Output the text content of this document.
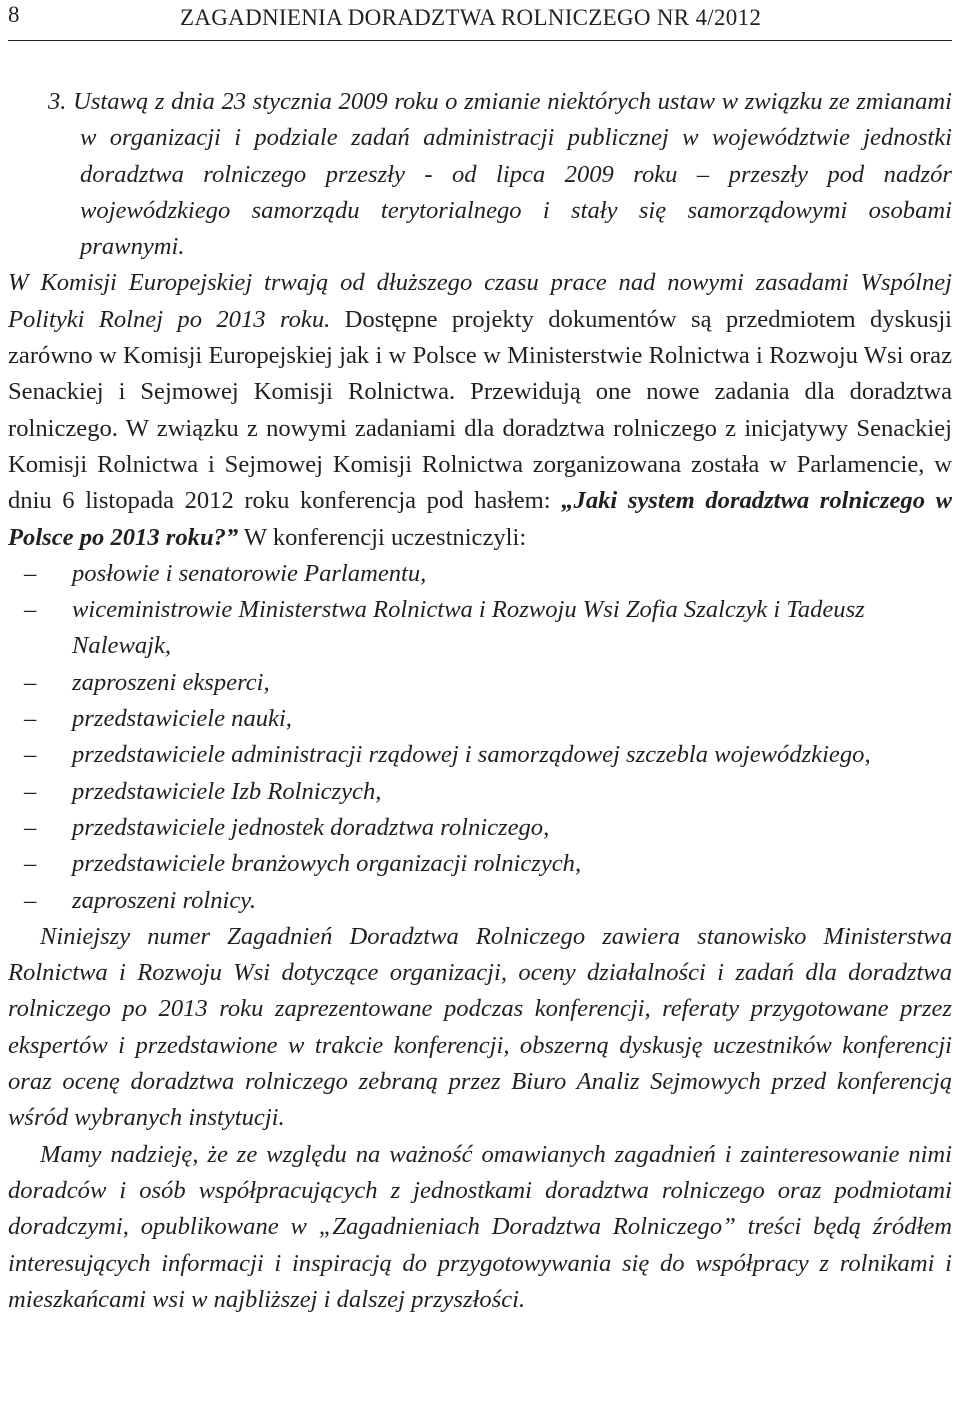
8	ZAGADNIENIA DORADZTWA ROLNICZEGO NR 4/2012

3. Ustawą z dnia 23 stycznia 2009 roku o zmianie niektórych ustaw w związku ze zmianami w organizacji i podziale zadań administracji publicznej w województwie jednostki doradztwa rolniczego przeszły - od lipca 2009 roku – przeszły pod nadzór wojewódzkiego samorządu terytorialnego i stały się samorządowymi osobami prawnymi.

W Komisji Europejskiej trwają od dłuższego czasu prace nad nowymi zasadami Wspólnej Polityki Rolnej po 2013 roku. Dostępne projekty dokumentów są przedmiotem dyskusji zarówno w Komisji Europejskiej jak i w Polsce w Ministerstwie Rolnictwa i Rozwoju Wsi oraz Senackiej i Sejmowej Komisji Rolnictwa. Przewidują one nowe zadania dla doradztwa rolniczego. W związku z nowymi zadaniami dla doradztwa rolniczego z inicjatywy Senackiej Komisji Rolnictwa i Sejmowej Komisji Rolnictwa zorganizowana została w Parlamencie, w dniu 6 listopada 2012 roku konferencja pod hasłem: „Jaki system doradztwa rolniczego w Polsce po 2013 roku?” W konferencji uczestniczyli:

– posłowie i senatorowie Parlamentu,
– wiceministrowie Ministerstwa Rolnictwa i Rozwoju Wsi Zofia Szalczyk i Tadeusz Nalewajk,
– zaproszeni eksperci,
– przedstawiciele nauki,
– przedstawiciele administracji rządowej i samorządowej szczebla wojewódzkiego,
– przedstawiciele Izb Rolniczych,
– przedstawiciele jednostek doradztwa rolniczego,
– przedstawiciele branżowych organizacji rolniczych,
– zaproszeni rolnicy.

Niniejszy numer Zagadnień Doradztwa Rolniczego zawiera stanowisko Ministerstwa Rolnictwa i Rozwoju Wsi dotyczące organizacji, oceny działalności i zadań dla doradztwa rolniczego po 2013 roku zaprezentowane podczas konferencji, referaty przygotowane przez ekspertów i przedstawione w trakcie konferencji, obszerną dyskusję uczestników konferencji oraz ocenę doradztwa rolniczego zebraną przez Biuro Analiz Sejmowych przed konferencją wśród wybranych instytucji.

Mamy nadzieję, że ze względu na ważność omawianych zagadnień i zainteresowanie nimi doradców i osób współpracujących z jednostkami doradztwa rolniczego oraz podmiotami doradczymi, opublikowane w „Zagadnieniach Doradztwa Rolniczego” treści będą źródłem interesujących informacji i inspiracją do przygotowywania się do współpracy z rolnikami i mieszkańcami wsi w najbliższej i dalszej przyszłości.
